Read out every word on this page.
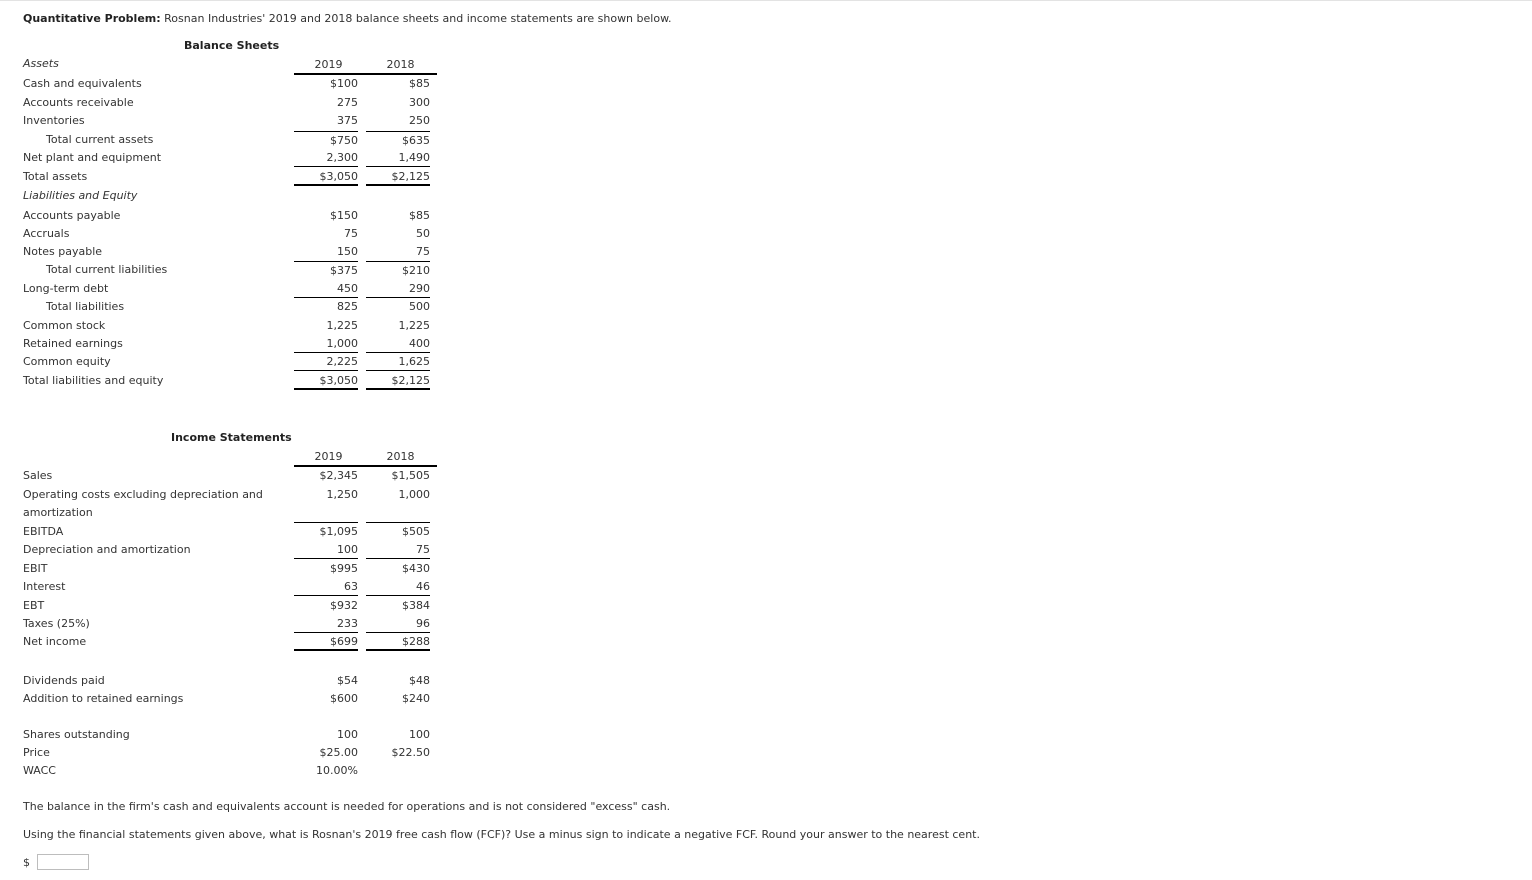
Quantitative Problem: Rosnan Industries' 2019 and 2018 balance sheets and income statements are shown below.
Balance Sheets
2019	2018
Assets
Cash and equivalents	$100	$85
Accounts receivable	275	300
Inventories	375	250
Total current assets	$750	$635
Net plant and equipment	2,300	1,490
Total assets	$3,050	$2,125
Liabilities and Equity
Accounts payable	$150	$85
Accruals	75	50
Notes payable	150	75
Total current liabilities	$375	$210
Long-term debt	450	290
Total liabilities	825	500
Common stock	1,225	1,225
Retained earnings	1,000	400
Common equity	2,225	1,625
Total liabilities and equity	$3,050	$2,125
Income Statements
2019	2018
Sales	$2,345	$1,505
Operating costs excluding depreciation and	1,250	1,000
amortization
EBITDA	$1,095	$505
Depreciation and amortization	100	75
EBIT	$995	$430
Interest	63	46
EBT	$932	$384
Taxes (25%)	233	96
Net income	$699	$288
Dividends paid	$54	$48
Addition to retained earnings	$600	$240
Shares outstanding	100	100
Price	$25.00	$22.50
WACC	10.00%
The balance in the firm's cash and equivalents account is needed for operations and is not considered "excess" cash.
Using the financial statements given above, what is Rosnan's 2019 free cash flow (FCF)? Use a minus sign to indicate a negative FCF. Round your answer to the nearest cent.
$
